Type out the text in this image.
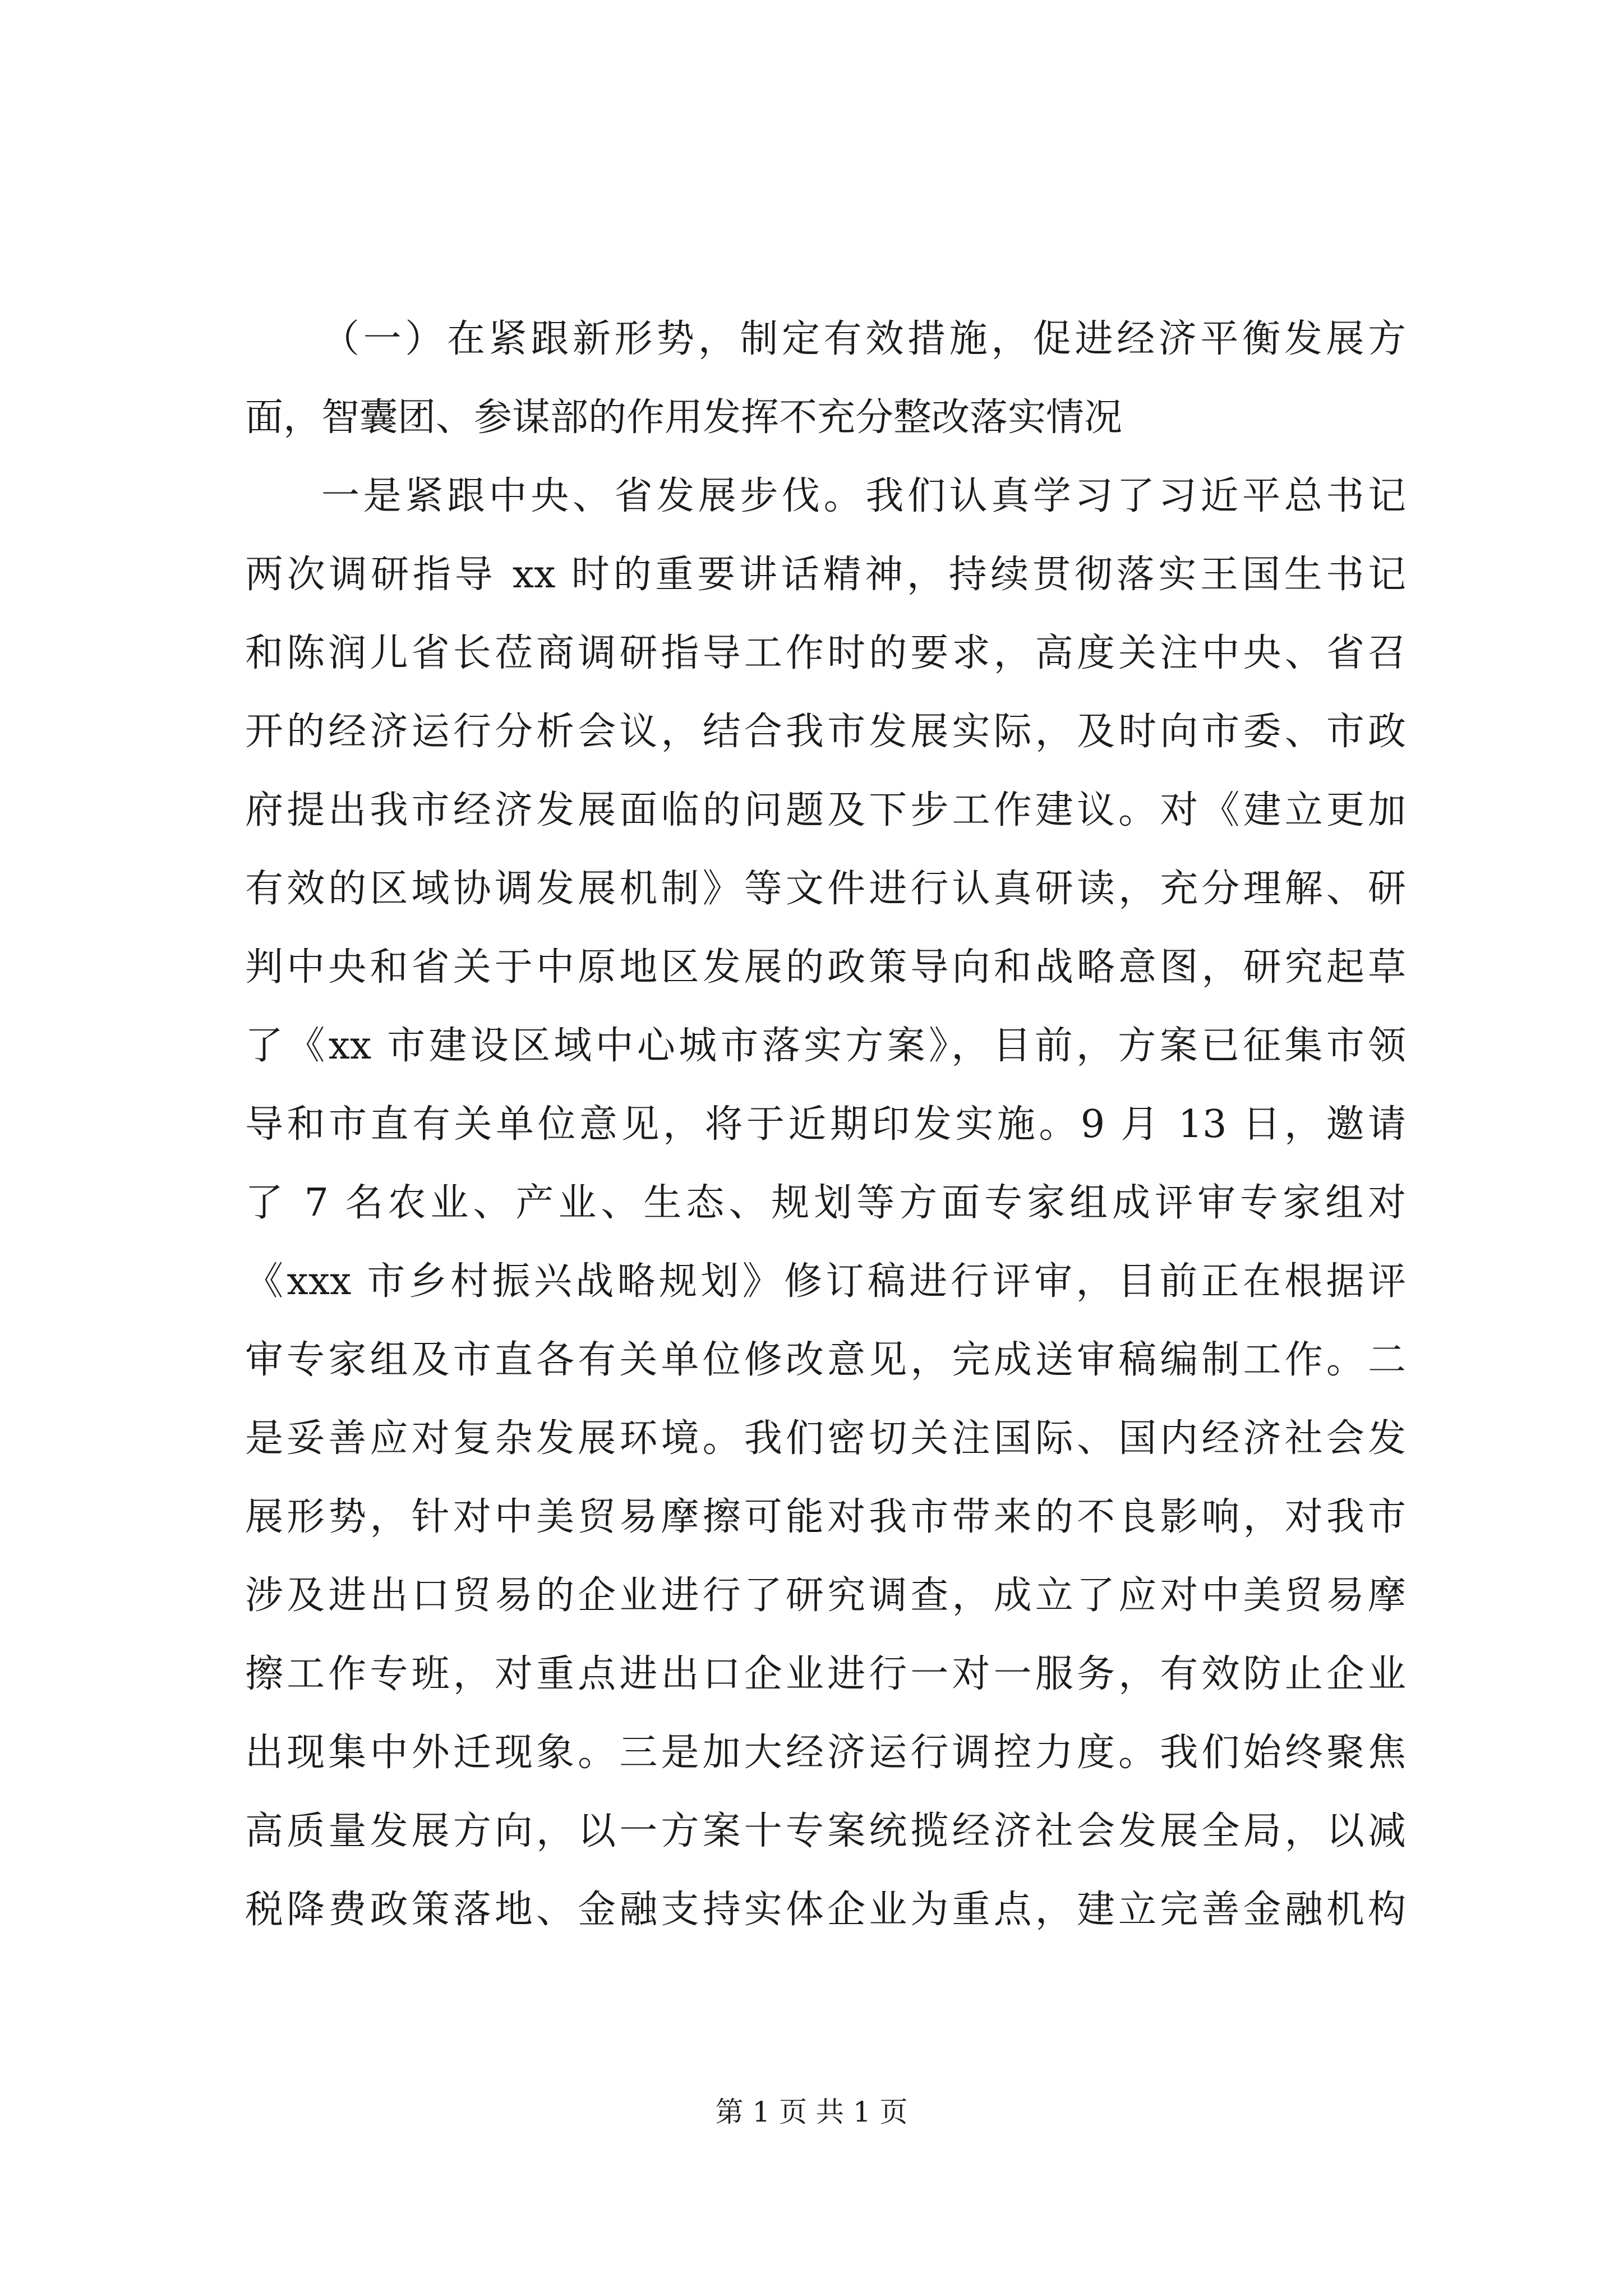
（一）在紧跟新形势，制定有效措施，促进经济平衡发展方
面，智囊团、参谋部的作用发挥不充分整改落实情况
一是紧跟中央、省发展步伐。我们认真学习了习近平总书记
两次调研指导 xx 时的重要讲话精神，持续贯彻落实王国生书记
和陈润儿省长莅商调研指导工作时的要求，高度关注中央、省召
开的经济运行分析会议，结合我市发展实际，及时向市委、市政
府提出我市经济发展面临的问题及下步工作建议。对《建立更加
有效的区域协调发展机制》等文件进行认真研读，充分理解、研
判中央和省关于中原地区发展的政策导向和战略意图，研究起草
了《xx 市建设区域中心城市落实方案》，目前，方案已征集市领
导和市直有关单位意见，将于近期印发实施。9 月 13 日，邀请
了 7 名农业、产业、生态、规划等方面专家组成评审专家组对
《xxx 市乡村振兴战略规划》修订稿进行评审，目前正在根据评
审专家组及市直各有关单位修改意见，完成送审稿编制工作。二
是妥善应对复杂发展环境。我们密切关注国际、国内经济社会发
展形势，针对中美贸易摩擦可能对我市带来的不良影响，对我市
涉及进出口贸易的企业进行了研究调查，成立了应对中美贸易摩
擦工作专班，对重点进出口企业进行一对一服务，有效防止企业
出现集中外迁现象。三是加大经济运行调控力度。我们始终聚焦
高质量发展方向，以一方案十专案统揽经济社会发展全局，以减
税降费政策落地、金融支持实体企业为重点，建立完善金融机构
第 1 页 共 1 页
